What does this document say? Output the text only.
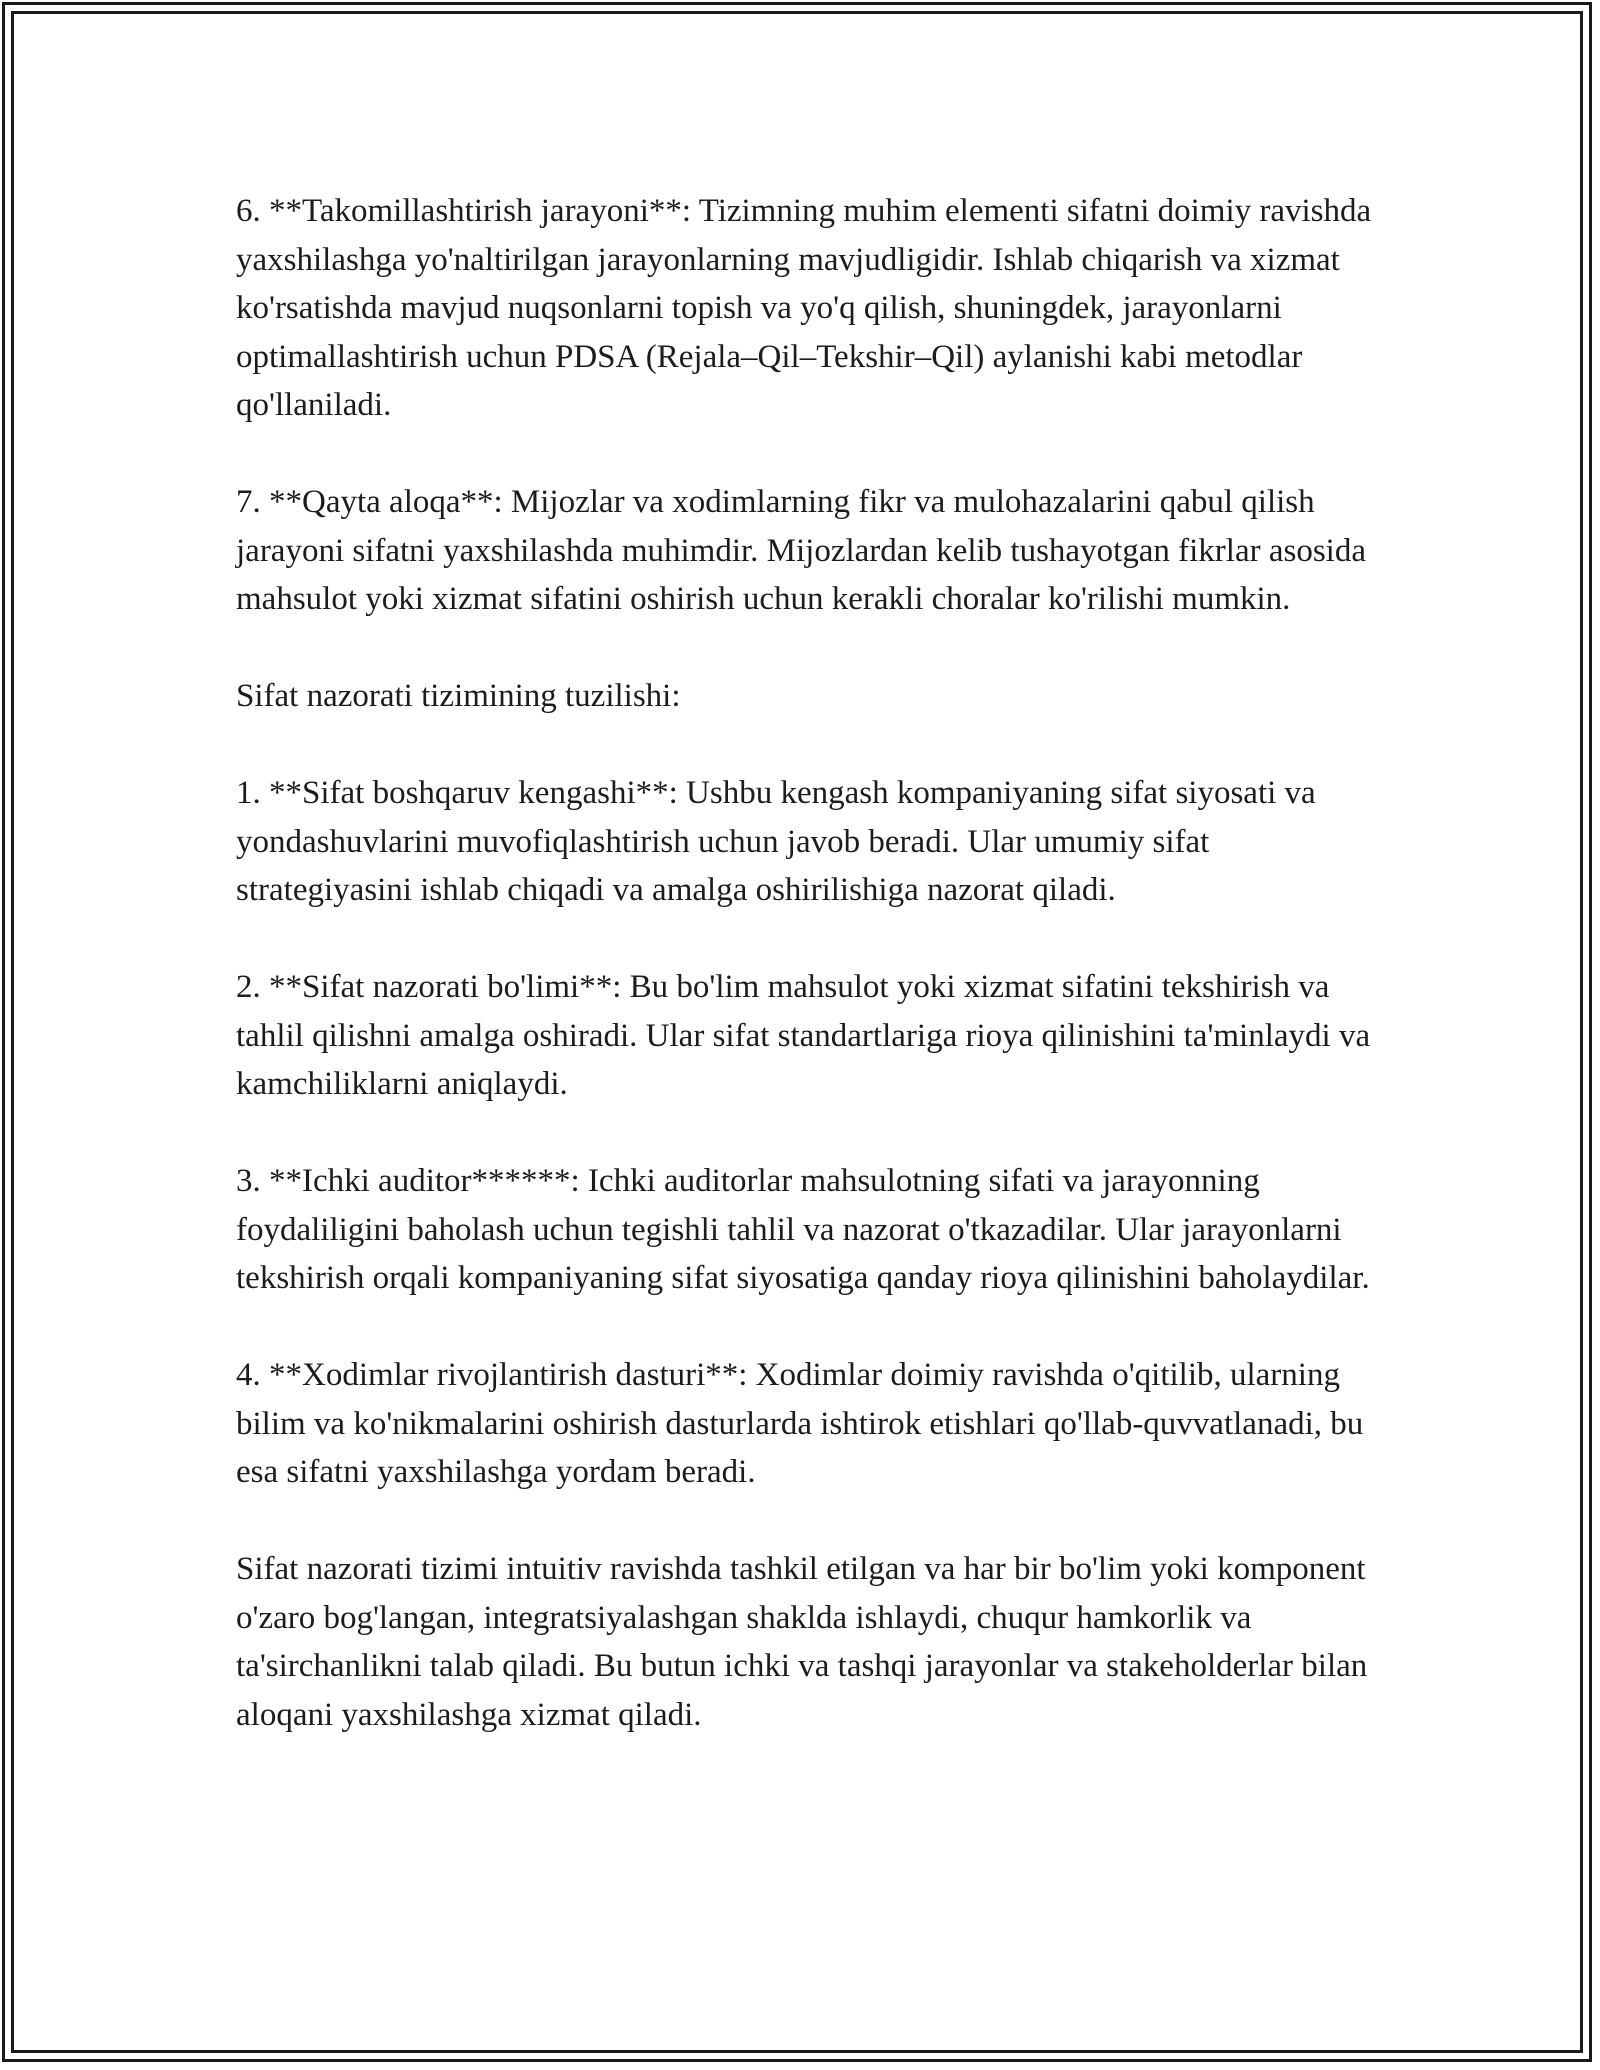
6. **Takomillashtirish jarayoni**: Tizimning muhim elementi sifatni doimiy ravishda yaxshilashga yo'naltirilgan jarayonlarning mavjudligidir. Ishlab chiqarish va xizmat ko'rsatishda mavjud nuqsonlarni topish va yo'q qilish, shuningdek, jarayonlarni optimallashtirish uchun PDSA (Rejala–Qil–Tekshir–Qil) aylanishi kabi metodlar qo'llaniladi.

7. **Qayta aloqa**: Mijozlar va xodimlarning fikr va mulohazalarini qabul qilish jarayoni sifatni yaxshilashda muhimdir. Mijozlardan kelib tushayotgan fikrlar asosida mahsulot yoki xizmat sifatini oshirish uchun kerakli choralar ko'rilishi mumkin.

Sifat nazorati tizimining tuzilishi:

1. **Sifat boshqaruv kengashi**: Ushbu kengash kompaniyaning sifat siyosati va yondashuvlarini muvofiqlashtirish uchun javob beradi. Ular umumiy sifat strategiyasini ishlab chiqadi va amalga oshirilishiga nazorat qiladi.

2. **Sifat nazorati bo'limi**: Bu bo'lim mahsulot yoki xizmat sifatini tekshirish va tahlil qilishni amalga oshiradi. Ular sifat standartlariga rioya qilinishini ta'minlaydi va kamchiliklarni aniqlaydi.

3. **Ichki auditor******: Ichki auditorlar mahsulotning sifati va jarayonning foydaliligini baholash uchun tegishli tahlil va nazorat o'tkazadilar. Ular jarayonlarni tekshirish orqali kompaniyaning sifat siyosatiga qanday rioya qilinishini baholaydilar.

4. **Xodimlar rivojlantirish dasturi**: Xodimlar doimiy ravishda o'qitilib, ularning bilim va ko'nikmalarini oshirish dasturlarda ishtirok etishlari qo'llab-quvvatlanadi, bu esa sifatni yaxshilashga yordam beradi.

Sifat nazorati tizimi intuitiv ravishda tashkil etilgan va har bir bo'lim yoki komponent o'zaro bog'langan, integratsiyalashgan shaklda ishlaydi, chuqur hamkorlik va ta'sirchanlikni talab qiladi. Bu butun ichki va tashqi jarayonlar va stakeholderlar bilan aloqani yaxshilashga xizmat qiladi.
